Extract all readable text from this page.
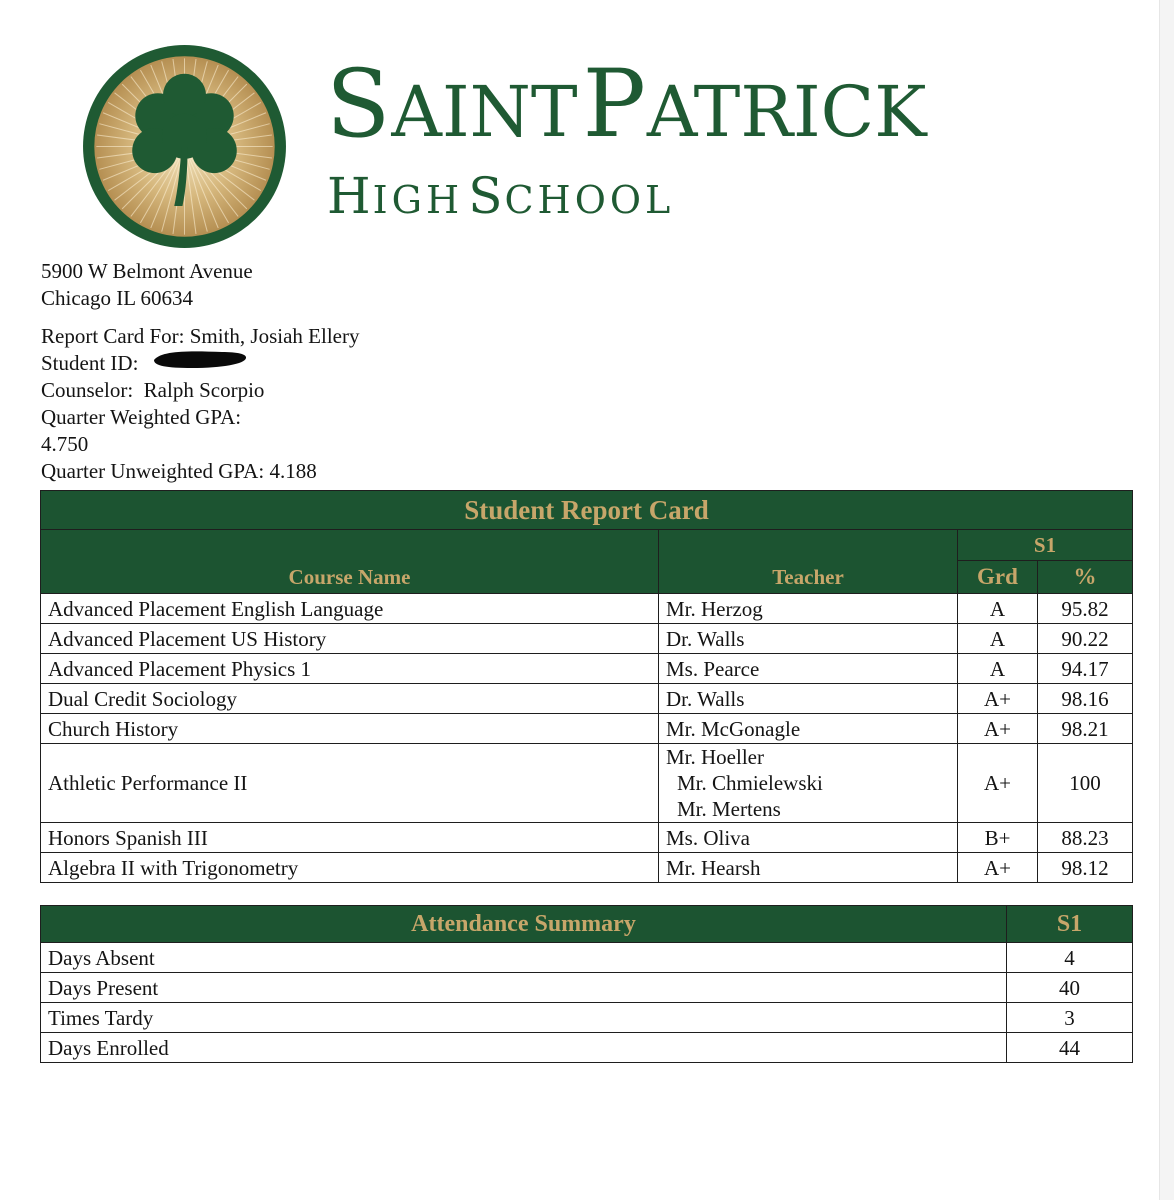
SAINT PATRICK
HIGH SCHOOL
5900 W Belmont Avenue
Chicago IL 60634
Report Card For: Smith, Josiah Ellery
Student ID:
Counselor: Ralph Scorpio
Quarter Weighted GPA:
4.750
Quarter Unweighted GPA: 4.188
Student Report Card			
Course Name	Teacher	S1	
		Grd	%
Advanced Placement English Language	Mr. Herzog	A	95.82
Advanced Placement US History	Dr. Walls	A	90.22
Advanced Placement Physics 1	Ms. Pearce	A	94.17
Dual Credit Sociology	Dr. Walls	A+	98.16
Church History	Mr. McGonagle	A+	98.21
Athletic Performance II	Mr. Hoeller
Mr. Chmielewski
Mr. Mertens	A+	100
Honors Spanish III	Ms. Oliva	B+	88.23
Algebra II with Trigonometry	Mr. Hearsh	A+	98.12
Attendance Summary	S1
Days Absent	4
Days Present	40
Times Tardy	3
Days Enrolled	44
